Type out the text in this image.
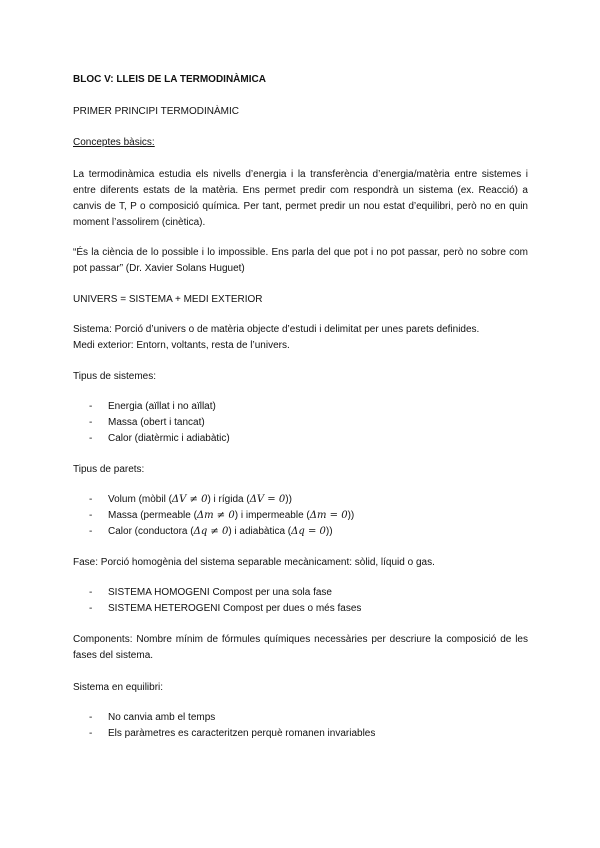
BLOC V: LLEIS DE LA TERMODINÀMICA
PRIMER PRINCIPI TERMODINÀMIC
Conceptes bàsics:
La termodinàmica estudia els nivells d’energia i la transferència d’energia/matèria entre sistemes i
entre diferents estats de la matèria. Ens permet predir com respondrà un sistema (ex. Reacció) a
canvis de T, P o composició química. Per tant, permet predir un nou estat d’equilibri, però no en quin
moment l’assolirem (cinètica).
“És la ciència de lo possible i lo impossible. Ens parla del que pot i no pot passar, però no sobre com
pot passar” (Dr. Xavier Solans Huguet)
UNIVERS = SISTEMA + MEDI EXTERIOR
Sistema: Porció d’univers o de matèria objecte d’estudi i delimitat per unes parets definides.
Medi exterior: Entorn, voltants, resta de l’univers.
Tipus de sistemes:
- Energia (aïllat i no aïllat)
- Massa (obert i tancat)
- Calor (diatèrmic i adiabàtic)
Tipus de parets:
- Volum (mòbil (ΔV ≠ 0) i rígida (ΔV = 0))
- Massa (permeable (Δm ≠ 0) i impermeable (Δm = 0))
- Calor (conductora (Δq ≠ 0) i adiabàtica (Δq = 0))
Fase: Porció homogènia del sistema separable mecànicament: sòlid, líquid o gas.
- SISTEMA HOMOGENI Compost per una sola fase
- SISTEMA HETEROGENI Compost per dues o més fases
Components: Nombre mínim de fórmules químiques necessàries per descriure la composició de les
fases del sistema.
Sistema en equilibri:
- No canvia amb el temps
- Els paràmetres es caracteritzen perquè romanen invariables
